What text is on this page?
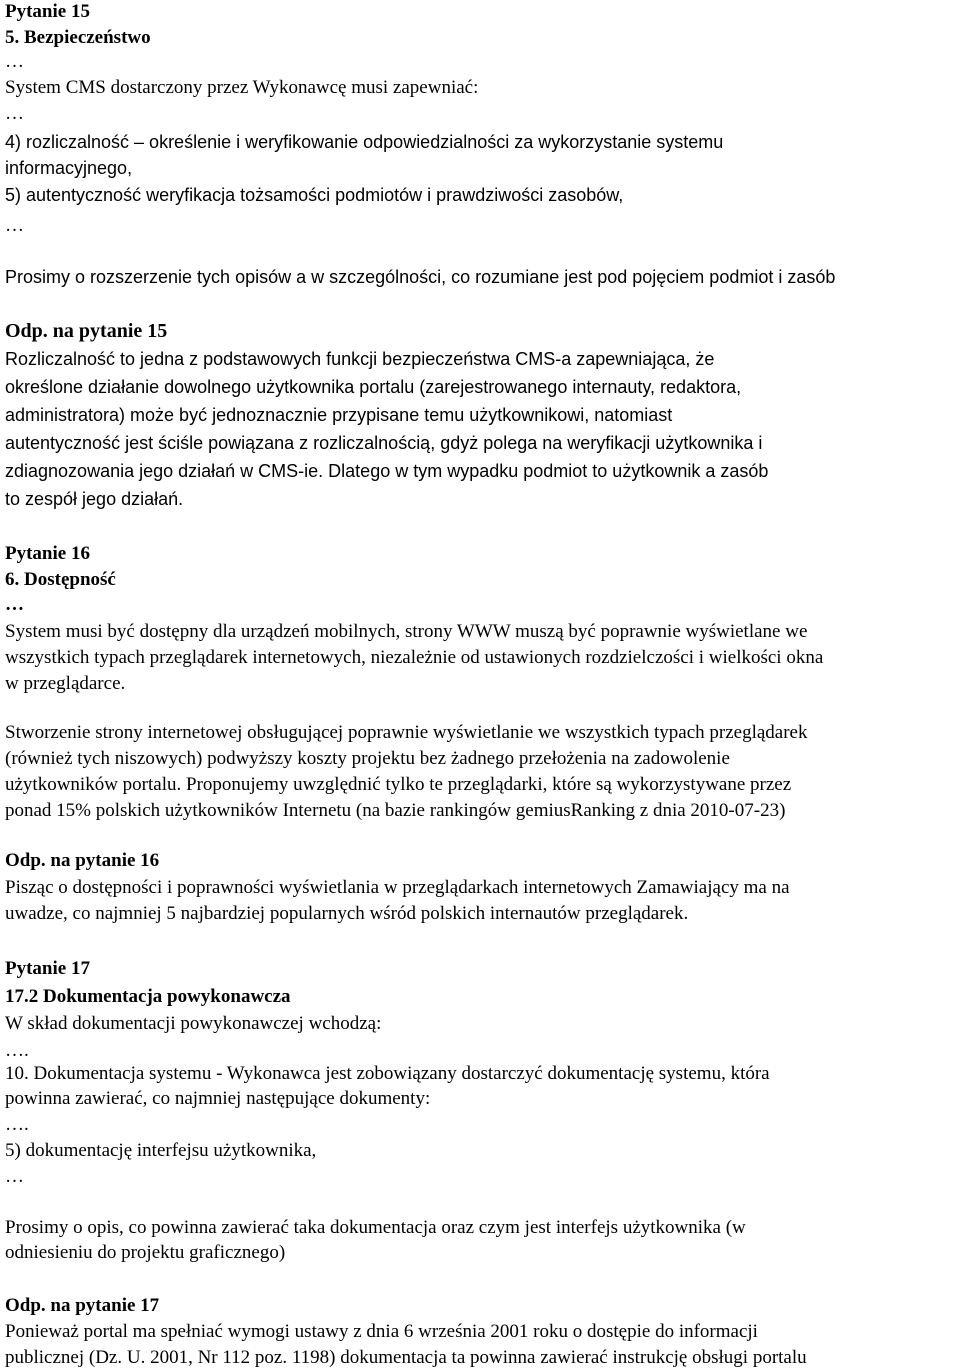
Pytanie 15
5. Bezpieczeństwo
…
System CMS dostarczony przez Wykonawcę musi zapewniać:
…
4) rozliczalność – określenie i weryfikowanie odpowiedzialności za wykorzystanie systemu
informacyjnego,
5) autentyczność weryfikacja tożsamości podmiotów i prawdziwości zasobów,
…
Prosimy o rozszerzenie tych opisów a w szczególności, co rozumiane jest pod pojęciem podmiot i zasób
Odp. na pytanie 15
Rozliczalność to jedna z podstawowych funkcji bezpieczeństwa CMS-a zapewniająca, że
określone działanie dowolnego użytkownika portalu (zarejestrowanego internauty, redaktora,
administratora) może być jednoznacznie przypisane temu użytkownikowi, natomiast
autentyczność jest ściśle powiązana z rozliczalnością, gdyż polega na weryfikacji użytkownika i
zdiagnozowania jego działań w CMS-ie. Dlatego w tym wypadku podmiot to użytkownik a zasób
to zespół jego działań.
Pytanie 16
6. Dostępność
…
System musi być dostępny dla urządzeń mobilnych, strony WWW muszą być poprawnie wyświetlane we
wszystkich typach przeglądarek internetowych, niezależnie od ustawionych rozdzielczości i wielkości okna
w przeglądarce.
Stworzenie strony internetowej obsługującej poprawnie wyświetlanie we wszystkich typach przeglądarek
(również tych niszowych) podwyższy koszty projektu bez żadnego przełożenia na zadowolenie
użytkowników portalu. Proponujemy uwzględnić tylko te przeglądarki, które są wykorzystywane przez
ponad 15% polskich użytkowników Internetu (na bazie rankingów gemiusRanking z dnia 2010-07-23)
Odp. na pytanie 16
Pisząc o dostępności i poprawności wyświetlania w przeglądarkach internetowych Zamawiający ma na
uwadze, co najmniej 5 najbardziej popularnych wśród polskich internautów przeglądarek.
Pytanie 17
17.2 Dokumentacja powykonawcza
W skład dokumentacji powykonawczej wchodzą:
….
10. Dokumentacja systemu - Wykonawca jest zobowiązany dostarczyć dokumentację systemu, która
powinna zawierać, co najmniej następujące dokumenty:
….
5) dokumentację interfejsu użytkownika,
…
Prosimy o opis, co powinna zawierać taka dokumentacja oraz czym jest interfejs użytkownika (w
odniesieniu do projektu graficznego)
Odp. na pytanie 17
Ponieważ portal ma spełniać wymogi ustawy z dnia 6 września 2001 roku o dostępie do informacji
publicznej (Dz. U. 2001, Nr 112 poz. 1198) dokumentacja ta powinna zawierać instrukcję obsługi portalu
